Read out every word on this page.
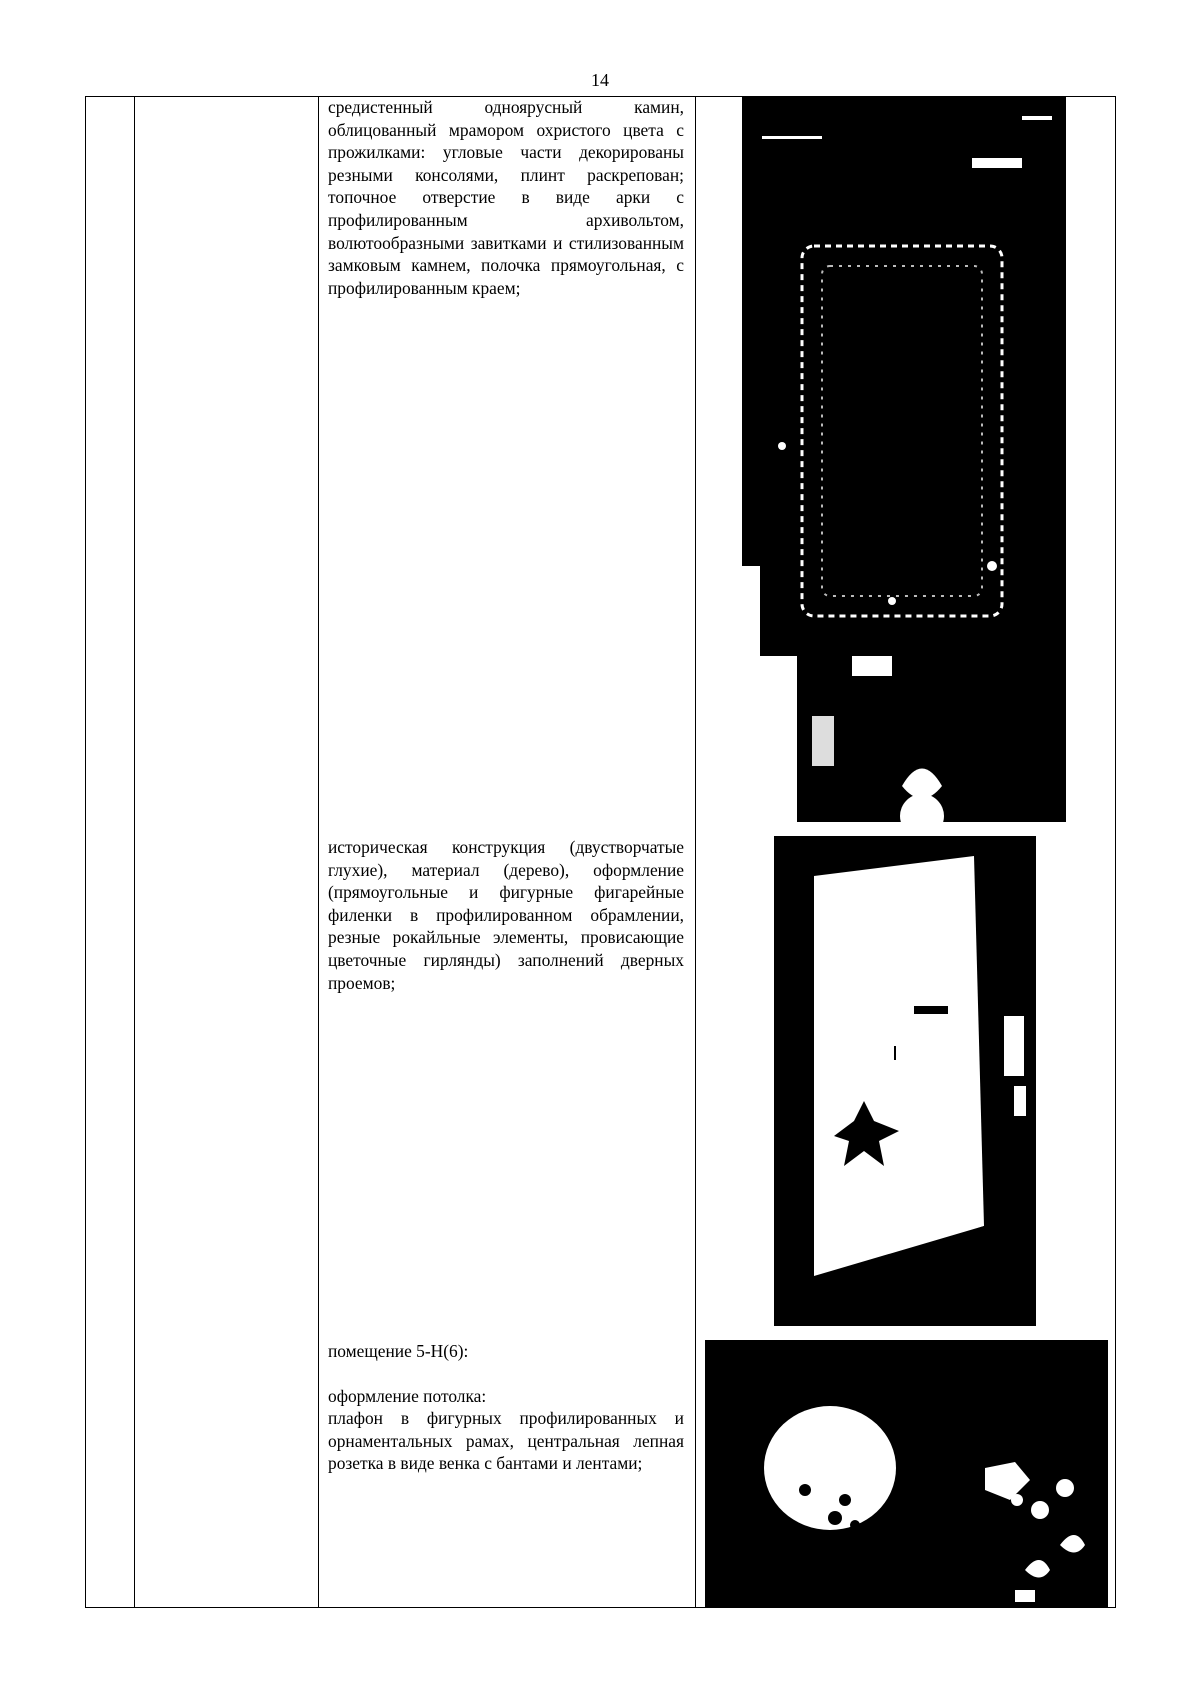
14

средистенный одноярусный камин, облицованный мрамором охристого цвета с прожилками: угловые части декорированы резными консолями, плинт раскрепован; топочное отверстие в виде арки с профилированным архивольтом, волютообразными завитками и стилизованным замковым камнем, полочка прямоугольная, с профилированным краем;

историческая конструкция (двустворчатые глухие), материал (дерево), оформление (прямоугольные и фигурные фигарейные филенки в профилированном обрамлении, резные рокайльные элементы, провисающие цветочные гирлянды) заполнений дверных проемов;

помещение 5-Н(6):

оформление потолка:

плафон в фигурных профилированных и орнаментальных рамах, центральная лепная розетка в виде венка с бантами и лентами;
